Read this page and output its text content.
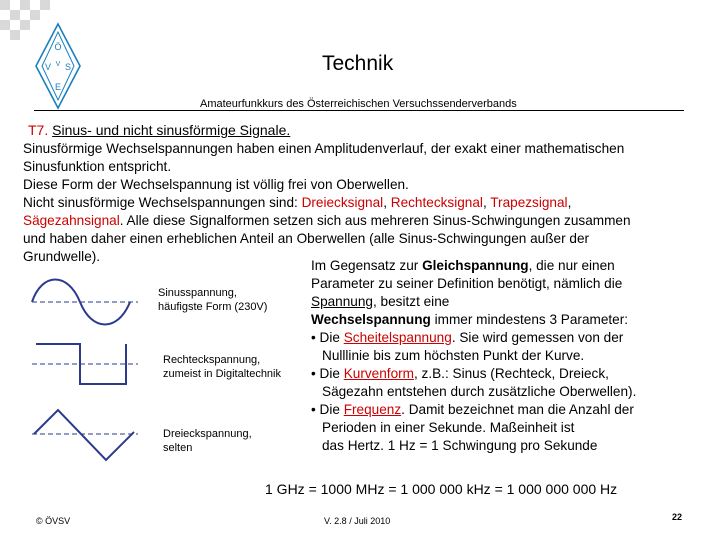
Ö
V S
V
E
Technik
Amateurfunkkurs des Österreichischen Versuchssenderverbands
T7. Sinus- und nicht sinusförmige Signale.
Sinusförmige Wechselspannungen haben einen Amplitudenverlauf, der exakt einer mathematischen
Sinusfunktion entspricht.
Diese Form der Wechselspannung ist völlig frei von Oberwellen.
Nicht sinusförmige Wechselspannungen sind: Dreiecksignal, Rechtecksignal, Trapezsignal,
Sägezahnsignal. Alle diese Signalformen setzen sich aus mehreren Sinus-Schwingungen zusammen
und haben daher einen erheblichen Anteil an Oberwellen (alle Sinus-Schwingungen außer der
Grundwelle).
Sinusspannung,
häufigste Form (230V)
Rechteckspannung,
zumeist in Digitaltechnik
Dreieckspannung,
selten
Im Gegensatz zur Gleichspannung, die nur einen
Parameter zu seiner Definition benötigt, nämlich die
Spannung, besitzt eine
Wechselspannung immer mindestens 3 Parameter:
• Die Scheitelspannung. Sie wird gemessen von der
Nulllinie bis zum höchsten Punkt der Kurve.
• Die Kurvenform, z.B.: Sinus (Rechteck, Dreieck,
Sägezahn entstehen durch zusätzliche Oberwellen).
• Die Frequenz. Damit bezeichnet man die Anzahl der
Perioden in einer Sekunde. Maßeinheit ist
das Hertz. 1 Hz = 1 Schwingung pro Sekunde
1 GHz = 1000 MHz = 1 000 000 kHz = 1 000 000 000 Hz
© ÖVSV	V. 2.8 / Juli 2010	22
